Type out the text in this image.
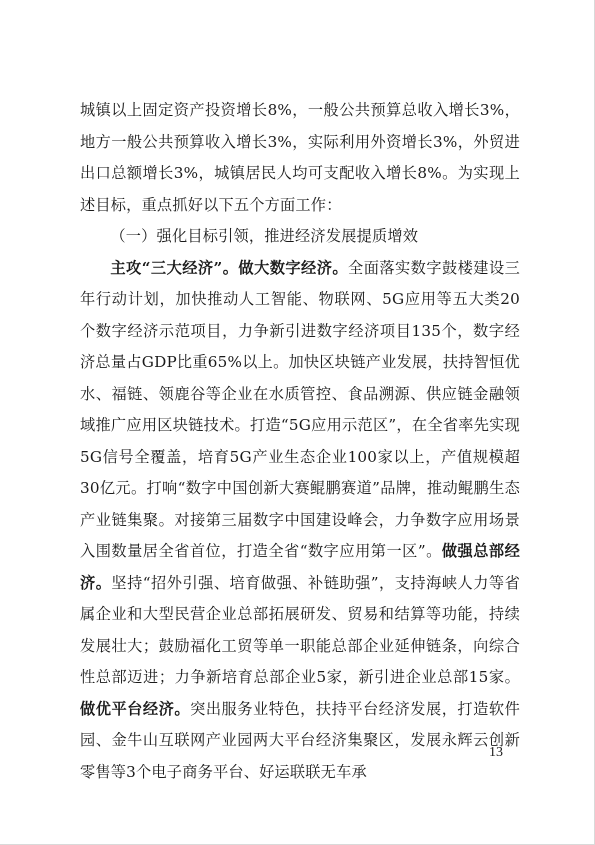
城镇以上固定资产投资增长8%，一般公共预算总收入增长3%，地方一般公共预算收入增长3%，实际利用外资增长3%，外贸进出口总额增长3%，城镇居民人均可支配收入增长8%。为实现上述目标，重点抓好以下五个方面工作：

（一）强化目标引领，推进经济发展提质增效

主攻“三大经济”。做大数字经济。全面落实数字鼓楼建设三年行动计划，加快推动人工智能、物联网、5G应用等五大类20个数字经济示范项目，力争新引进数字经济项目135个，数字经济总量占GDP比重65%以上。加快区块链产业发展，扶持智恒优水、福链、领鹿谷等企业在水质管控、食品溯源、供应链金融领域推广应用区块链技术。打造“5G应用示范区”，在全省率先实现5G信号全覆盖，培育5G产业生态企业100家以上，产值规模超30亿元。打响“数字中国创新大赛鲲鹏赛道”品牌，推动鲲鹏生态产业链集聚。对接第三届数字中国建设峰会，力争数字应用场景入围数量居全省首位，打造全省“数字应用第一区”。做强总部经济。坚持“招外引强、培育做强、补链助强”，支持海峡人力等省属企业和大型民营企业总部拓展研发、贸易和结算等功能，持续发展壮大；鼓励福化工贸等单一职能总部企业延伸链条，向综合性总部迈进；力争新培育总部企业5家，新引进企业总部15家。做优平台经济。突出服务业特色，扶持平台经济发展，打造软件园、金牛山互联网产业园两大平台经济集聚区，发展永辉云创新零售等3个电子商务平台、好运联联无车承

13
